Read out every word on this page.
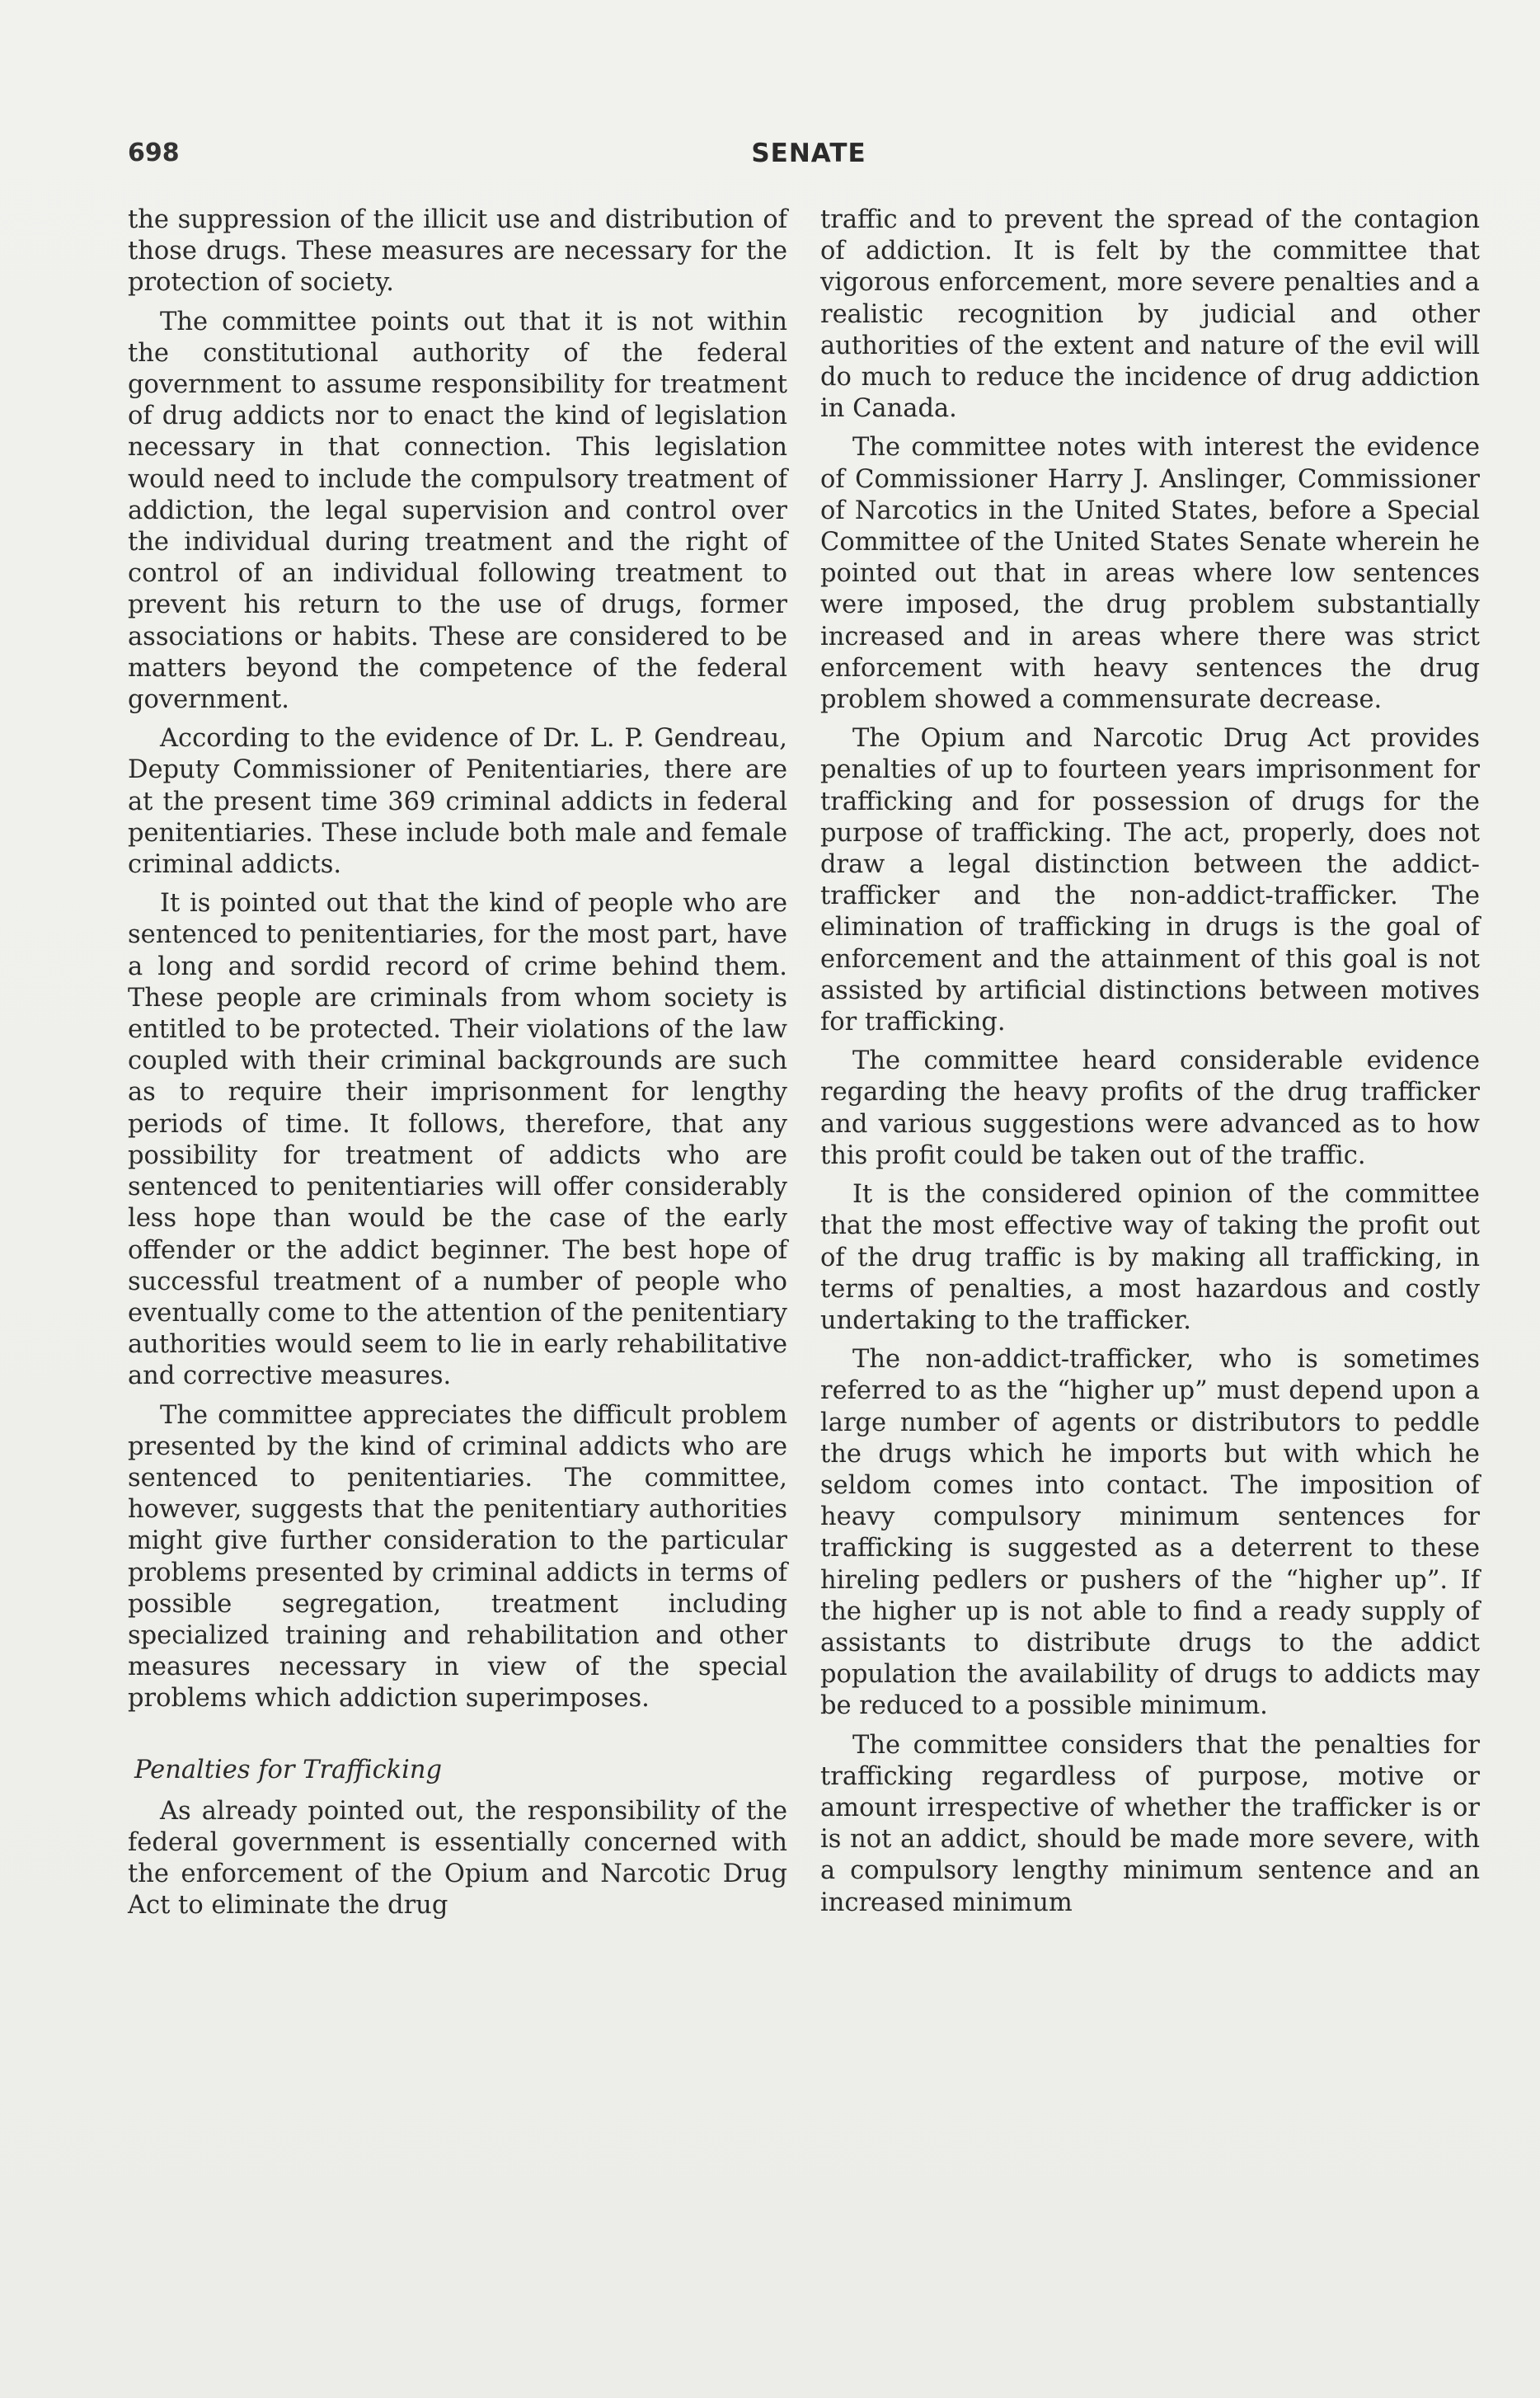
698	SENATE

the suppression of the illicit use and distribution of those drugs. These measures are necessary for the protection of society.

The committee points out that it is not within the constitutional authority of the federal government to assume responsibility for treatment of drug addicts nor to enact the kind of legislation necessary in that connection. This legislation would need to include the compulsory treatment of addiction, the legal supervision and control over the individual during treatment and the right of control of an individual following treatment to prevent his return to the use of drugs, former associations or habits. These are considered to be matters beyond the competence of the federal government.

According to the evidence of Dr. L. P. Gendreau, Deputy Commissioner of Penitentiaries, there are at the present time 369 criminal addicts in federal penitentiaries. These include both male and female criminal addicts.

It is pointed out that the kind of people who are sentenced to penitentiaries, for the most part, have a long and sordid record of crime behind them. These people are criminals from whom society is entitled to be protected. Their violations of the law coupled with their criminal backgrounds are such as to require their imprisonment for lengthy periods of time. It follows, therefore, that any possibility for treatment of addicts who are sentenced to penitentiaries will offer considerably less hope than would be the case of the early offender or the addict beginner. The best hope of successful treatment of a number of people who eventually come to the attention of the penitentiary authorities would seem to lie in early rehabilitative and corrective measures.

The committee appreciates the difficult problem presented by the kind of criminal addicts who are sentenced to penitentiaries. The committee, however, suggests that the penitentiary authorities might give further consideration to the particular problems presented by criminal addicts in terms of possible segregation, treatment including specialized training and rehabilitation and other measures necessary in view of the special problems which addiction superimposes.

Penalties for Trafficking

As already pointed out, the responsibility of the federal government is essentially concerned with the enforcement of the Opium and Narcotic Drug Act to eliminate the drug

traffic and to prevent the spread of the contagion of addiction. It is felt by the committee that vigorous enforcement, more severe penalties and a realistic recognition by judicial and other authorities of the extent and nature of the evil will do much to reduce the incidence of drug addiction in Canada.

The committee notes with interest the evidence of Commissioner Harry J. Anslinger, Commissioner of Narcotics in the United States, before a Special Committee of the United States Senate wherein he pointed out that in areas where low sentences were imposed, the drug problem substantially increased and in areas where there was strict enforcement with heavy sentences the drug problem showed a commensurate decrease.

The Opium and Narcotic Drug Act provides penalties of up to fourteen years imprisonment for trafficking and for possession of drugs for the purpose of trafficking. The act, properly, does not draw a legal distinction between the addict-trafficker and the non-addict-trafficker. The elimination of trafficking in drugs is the goal of enforcement and the attainment of this goal is not assisted by artificial distinctions between motives for trafficking.

The committee heard considerable evidence regarding the heavy profits of the drug trafficker and various suggestions were advanced as to how this profit could be taken out of the traffic.

It is the considered opinion of the committee that the most effective way of taking the profit out of the drug traffic is by making all trafficking, in terms of penalties, a most hazardous and costly undertaking to the trafficker.

The non-addict-trafficker, who is sometimes referred to as the “higher up” must depend upon a large number of agents or distributors to peddle the drugs which he imports but with which he seldom comes into contact. The imposition of heavy compulsory minimum sentences for trafficking is suggested as a deterrent to these hireling pedlers or pushers of the “higher up”. If the higher up is not able to find a ready supply of assistants to distribute drugs to the addict population the availability of drugs to addicts may be reduced to a possible minimum.

The committee considers that the penalties for trafficking regardless of purpose, motive or amount irrespective of whether the trafficker is or is not an addict, should be made more severe, with a compulsory lengthy minimum sentence and an increased minimum
